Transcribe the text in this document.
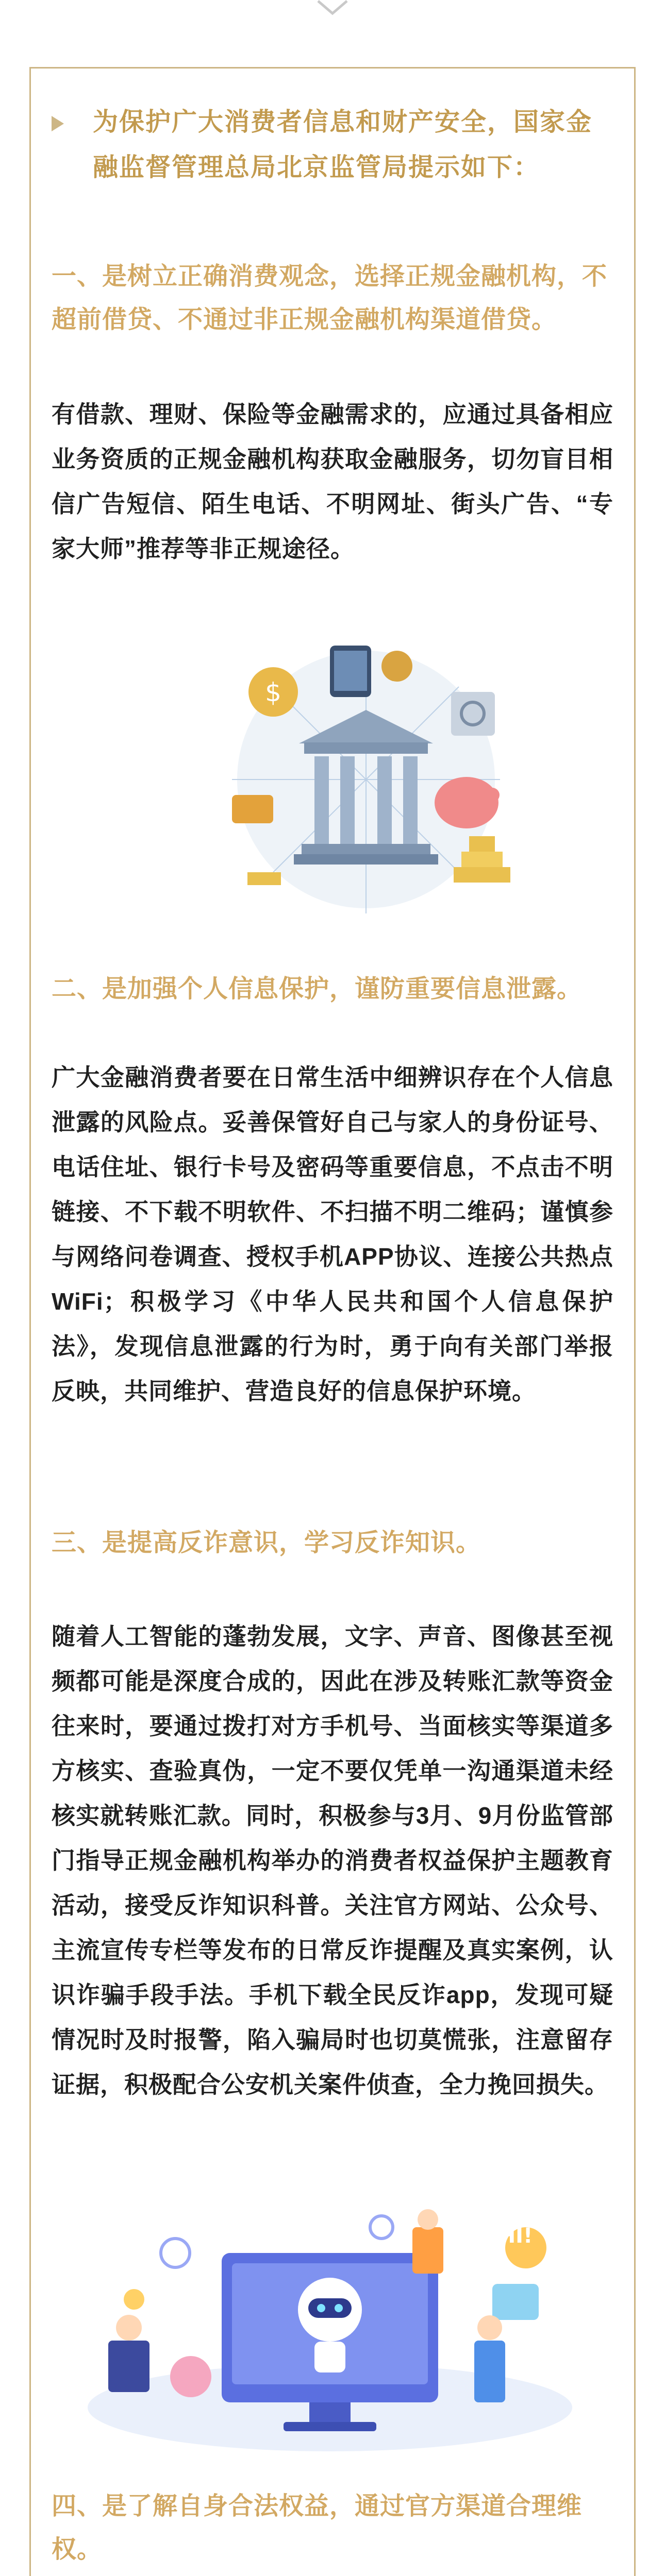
为保护广大消费者信息和财产安全，国家金融监督管理总局北京监管局提示如下：
一、是树立正确消费观念，选择正规金融机构，不超前借贷、不通过非正规金融机构渠道借贷。
有借款、理财、保险等金融需求的，应通过具备相应业务资质的正规金融机构获取金融服务，切勿盲目相信广告短信、陌生电话、不明网址、街头广告、“专家大师”推荐等非正规途径。
$
二、是加强个人信息保护，谨防重要信息泄露。
广大金融消费者要在日常生活中细辨识存在个人信息泄露的风险点。妥善保管好自己与家人的身份证号、电话住址、银行卡号及密码等重要信息，不点击不明链接、不下载不明软件、不扫描不明二维码；谨慎参与网络问卷调查、授权手机APP协议、连接公共热点WiFi；积极学习《中华人民共和国个人信息保护法》，发现信息泄露的行为时，勇于向有关部门举报反映，共同维护、营造良好的信息保护环境。
三、是提高反诈意识，学习反诈知识。
随着人工智能的蓬勃发展，文字、声音、图像甚至视频都可能是深度合成的，因此在涉及转账汇款等资金往来时，要通过拨打对方手机号、当面核实等渠道多方核实、查验真伪，一定不要仅凭单一沟通渠道未经核实就转账汇款。同时，积极参与3月、9月份监管部门指导正规金融机构举办的消费者权益保护主题教育活动，接受反诈知识科普。关注官方网站、公众号、主流宣传专栏等发布的日常反诈提醒及真实案例，认识诈骗手段手法。手机下载全民反诈app，发现可疑情况时及时报警，陷入骗局时也切莫慌张，注意留存证据，积极配合公安机关案件侦查，全力挽回损失。
HI!
四、是了解自身合法权益，通过官方渠道合理维权。
